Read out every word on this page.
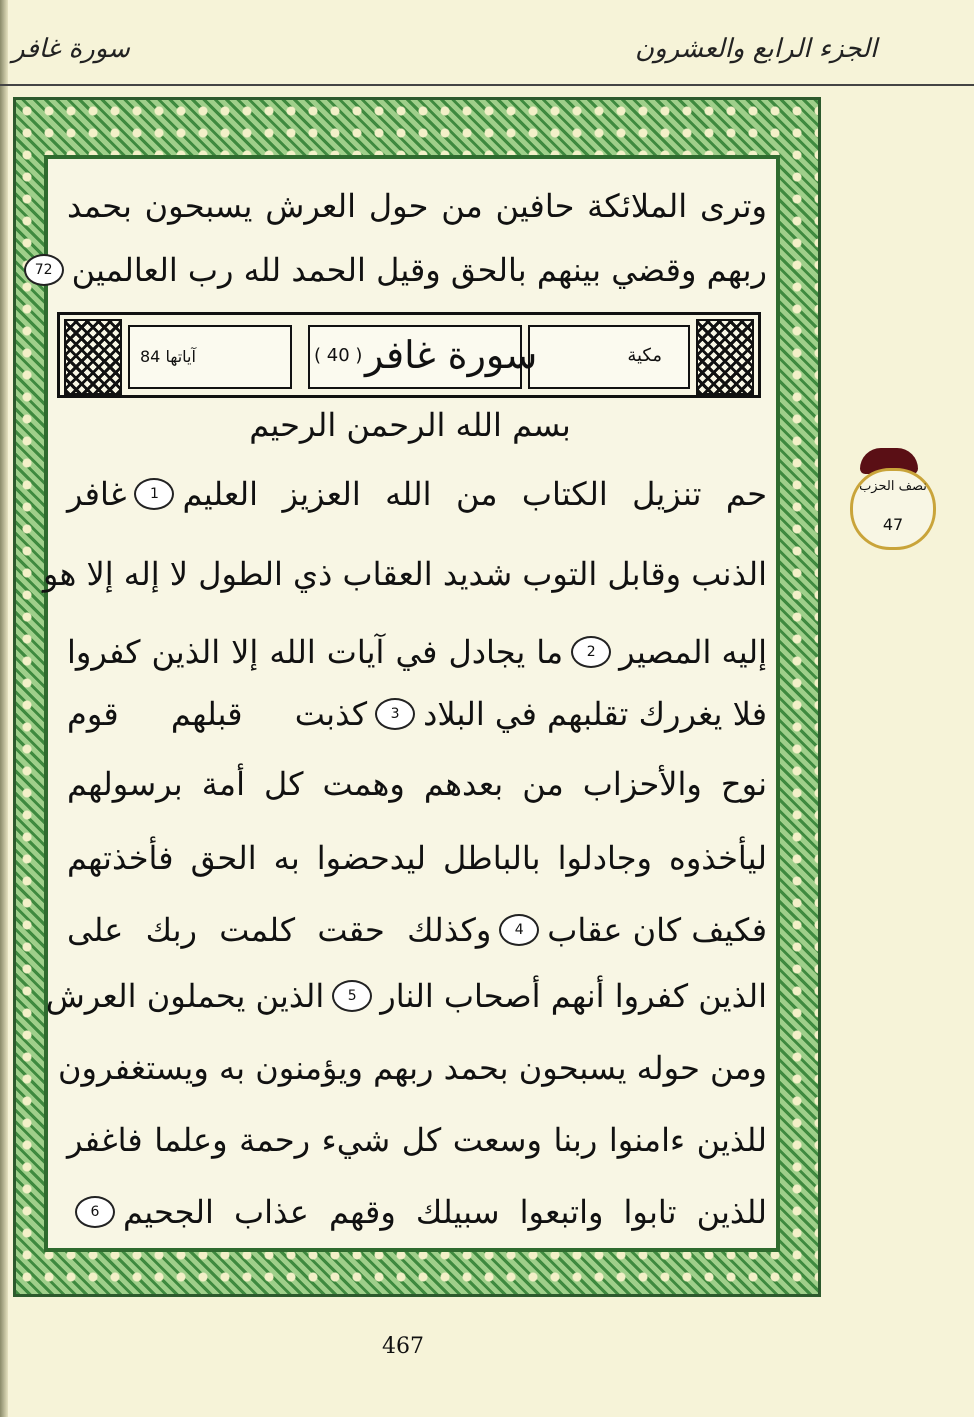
سورة غافر	الجزء الرابع والعشرون
وترى الملائكة حافين من حول العرش يسبحون بحمد
ربهم وقضي بينهم بالحق وقيل الحمد لله رب العالمين
72
آياتها 84	( 40 ) سورة غافر	مكية
بسم الله الرحمن الرحيم
حم تنزيل الكتاب من الله العزيز العليم
1
غافر
الذنب وقابل التوب شديد العقاب ذي الطول لا إله إلا هو
إليه المصير
2
ما يجادل في آيات الله إلا الذين كفروا
فلا يغررك تقلبهم في البلاد
3
كذبت قبلهم قوم
نوح والأحزاب من بعدهم وهمت كل أمة برسولهم
ليأخذوه وجادلوا بالباطل ليدحضوا به الحق فأخذتهم
فكيف كان عقاب
4
وكذلك حقت كلمت ربك على
الذين كفروا أنهم أصحاب النار
5
الذين يحملون العرش
ومن حوله يسبحون بحمد ربهم ويؤمنون به ويستغفرون
للذين ءامنوا ربنا وسعت كل شيء رحمة وعلما فاغفر
للذين تابوا واتبعوا سبيلك وقهم عذاب الجحيم
6
نصف الحزب
47
467
